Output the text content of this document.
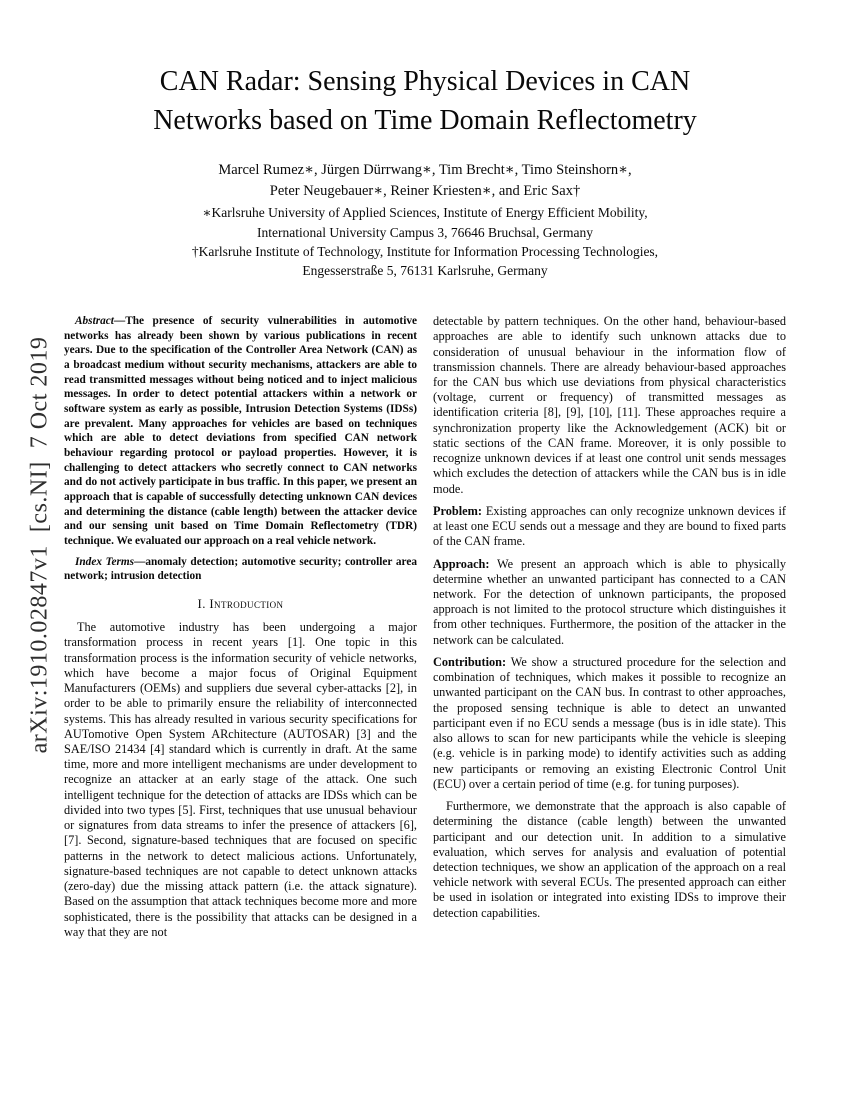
arXiv:1910.02847v1  [cs.NI]  7 Oct 2019
CAN Radar: Sensing Physical Devices in CAN
Networks based on Time Domain Reflectometry
Marcel Rumez∗, Jürgen Dürrwang∗, Tim Brecht∗, Timo Steinshorn∗,
Peter Neugebauer∗, Reiner Kriesten∗, and Eric Sax†
∗Karlsruhe University of Applied Sciences, Institute of Energy Efficient Mobility,
International University Campus 3, 76646 Bruchsal, Germany
†Karlsruhe Institute of Technology, Institute for Information Processing Technologies,
Engesserstraße 5, 76131 Karlsruhe, Germany

Abstract—The presence of security vulnerabilities in automotive networks has already been shown by various publications in recent years. Due to the specification of the Controller Area Network (CAN) as a broadcast medium without security mechanisms, attackers are able to read transmitted messages without being noticed and to inject malicious messages. In order to detect potential attackers within a network or software system as early as possible, Intrusion Detection Systems (IDSs) are prevalent. Many approaches for vehicles are based on techniques which are able to detect deviations from specified CAN network behaviour regarding protocol or payload properties. However, it is challenging to detect attackers who secretly connect to CAN networks and do not actively participate in bus traffic. In this paper, we present an approach that is capable of successfully detecting unknown CAN devices and determining the distance (cable length) between the attacker device and our sensing unit based on Time Domain Reflectometry (TDR) technique. We evaluated our approach on a real vehicle network.

Index Terms—anomaly detection; automotive security; controller area network; intrusion detection

I. Introduction

The automotive industry has been undergoing a major transformation process in recent years [1]. One topic in this transformation process is the information security of vehicle networks, which have become a major focus of Original Equipment Manufacturers (OEMs) and suppliers due several cyber-attacks [2], in order to be able to primarily ensure the reliability of interconnected systems. This has already resulted in various security specifications for AUTomotive Open System ARchitecture (AUTOSAR) [3] and the SAE/ISO 21434 [4] standard which is currently in draft. At the same time, more and more intelligent mechanisms are under development to recognize an attacker at an early stage of the attack. One such intelligent technique for the detection of attacks are IDSs which can be divided into two types [5]. First, techniques that use unusual behaviour or signatures from data streams to infer the presence of attackers [6], [7]. Second, signature-based techniques that are focused on specific patterns in the network to detect malicious actions. Unfortunately, signature-based techniques are not capable to detect unknown attacks (zero-day) due the missing attack pattern (i.e. the attack signature). Based on the assumption that attack techniques become more and more sophisticated, there is the possibility that attacks can be designed in a way that they are not

detectable by pattern techniques. On the other hand, behaviour-based approaches are able to identify such unknown attacks due to consideration of unusual behaviour in the information flow of transmission channels. There are already behaviour-based approaches for the CAN bus which use deviations from physical characteristics (voltage, current or frequency) of transmitted messages as identification criteria [8], [9], [10], [11]. These approaches require a synchronization property like the Acknowledgement (ACK) bit or static sections of the CAN frame. Moreover, it is only possible to recognize unknown devices if at least one control unit sends messages which excludes the detection of attackers while the CAN bus is in idle mode.

Problem: Existing approaches can only recognize unknown devices if at least one ECU sends out a message and they are bound to fixed parts of the CAN frame.

Approach: We present an approach which is able to physically determine whether an unwanted participant has connected to a CAN network. For the detection of unknown participants, the proposed approach is not limited to the protocol structure which distinguishes it from other techniques. Furthermore, the position of the attacker in the network can be calculated.

Contribution: We show a structured procedure for the selection and combination of techniques, which makes it possible to recognize an unwanted participant on the CAN bus. In contrast to other approaches, the proposed sensing technique is able to detect an unwanted participant even if no ECU sends a message (bus is in idle state). This also allows to scan for new participants while the vehicle is sleeping (e.g. vehicle is in parking mode) to identify activities such as adding new participants or removing an existing Electronic Control Unit (ECU) over a certain period of time (e.g. for tuning purposes).

Furthermore, we demonstrate that the approach is also capable of determining the distance (cable length) between the unwanted participant and our detection unit. In addition to a simulative evaluation, which serves for analysis and evaluation of potential detection techniques, we show an application of the approach on a real vehicle network with several ECUs. The presented approach can either be used in isolation or integrated into existing IDSs to improve their detection capabilities.
